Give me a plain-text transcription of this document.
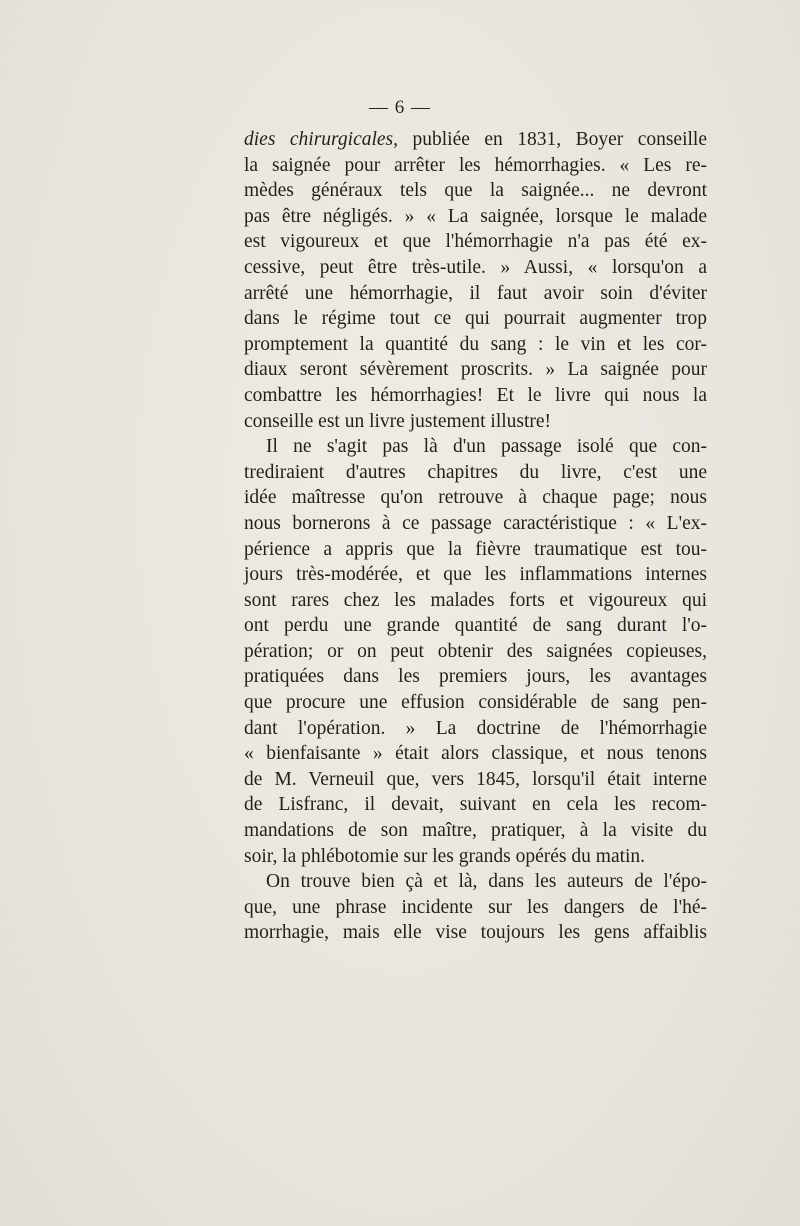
— 6 —
dies chirurgicales, publiée en 1831, Boyer conseille
la saignée pour arrêter les hémorrhagies. « Les re-
mèdes généraux tels que la saignée... ne devront
pas être négligés. » « La saignée, lorsque le malade
est vigoureux et que l'hémorrhagie n'a pas été ex-
cessive, peut être très-utile. » Aussi, « lorsqu'on a
arrêté une hémorrhagie, il faut avoir soin d'éviter
dans le régime tout ce qui pourrait augmenter trop
promptement la quantité du sang : le vin et les cor-
diaux seront sévèrement proscrits. » La saignée pour
combattre les hémorrhagies! Et le livre qui nous la
conseille est un livre justement illustre!
Il ne s'agit pas là d'un passage isolé que con-
trediraient d'autres chapitres du livre, c'est une
idée maîtresse qu'on retrouve à chaque page; nous
nous bornerons à ce passage caractéristique : « L'ex-
périence a appris que la fièvre traumatique est tou-
jours très-modérée, et que les inflammations internes
sont rares chez les malades forts et vigoureux qui
ont perdu une grande quantité de sang durant l'o-
pération; or on peut obtenir des saignées copieuses,
pratiquées dans les premiers jours, les avantages
que procure une effusion considérable de sang pen-
dant l'opération. » La doctrine de l'hémorrhagie
« bienfaisante » était alors classique, et nous tenons
de M. Verneuil que, vers 1845, lorsqu'il était interne
de Lisfranc, il devait, suivant en cela les recom-
mandations de son maître, pratiquer, à la visite du
soir, la phlébotomie sur les grands opérés du matin.
On trouve bien çà et là, dans les auteurs de l'épo-
que, une phrase incidente sur les dangers de l'hé-
morrhagie, mais elle vise toujours les gens affaiblis
